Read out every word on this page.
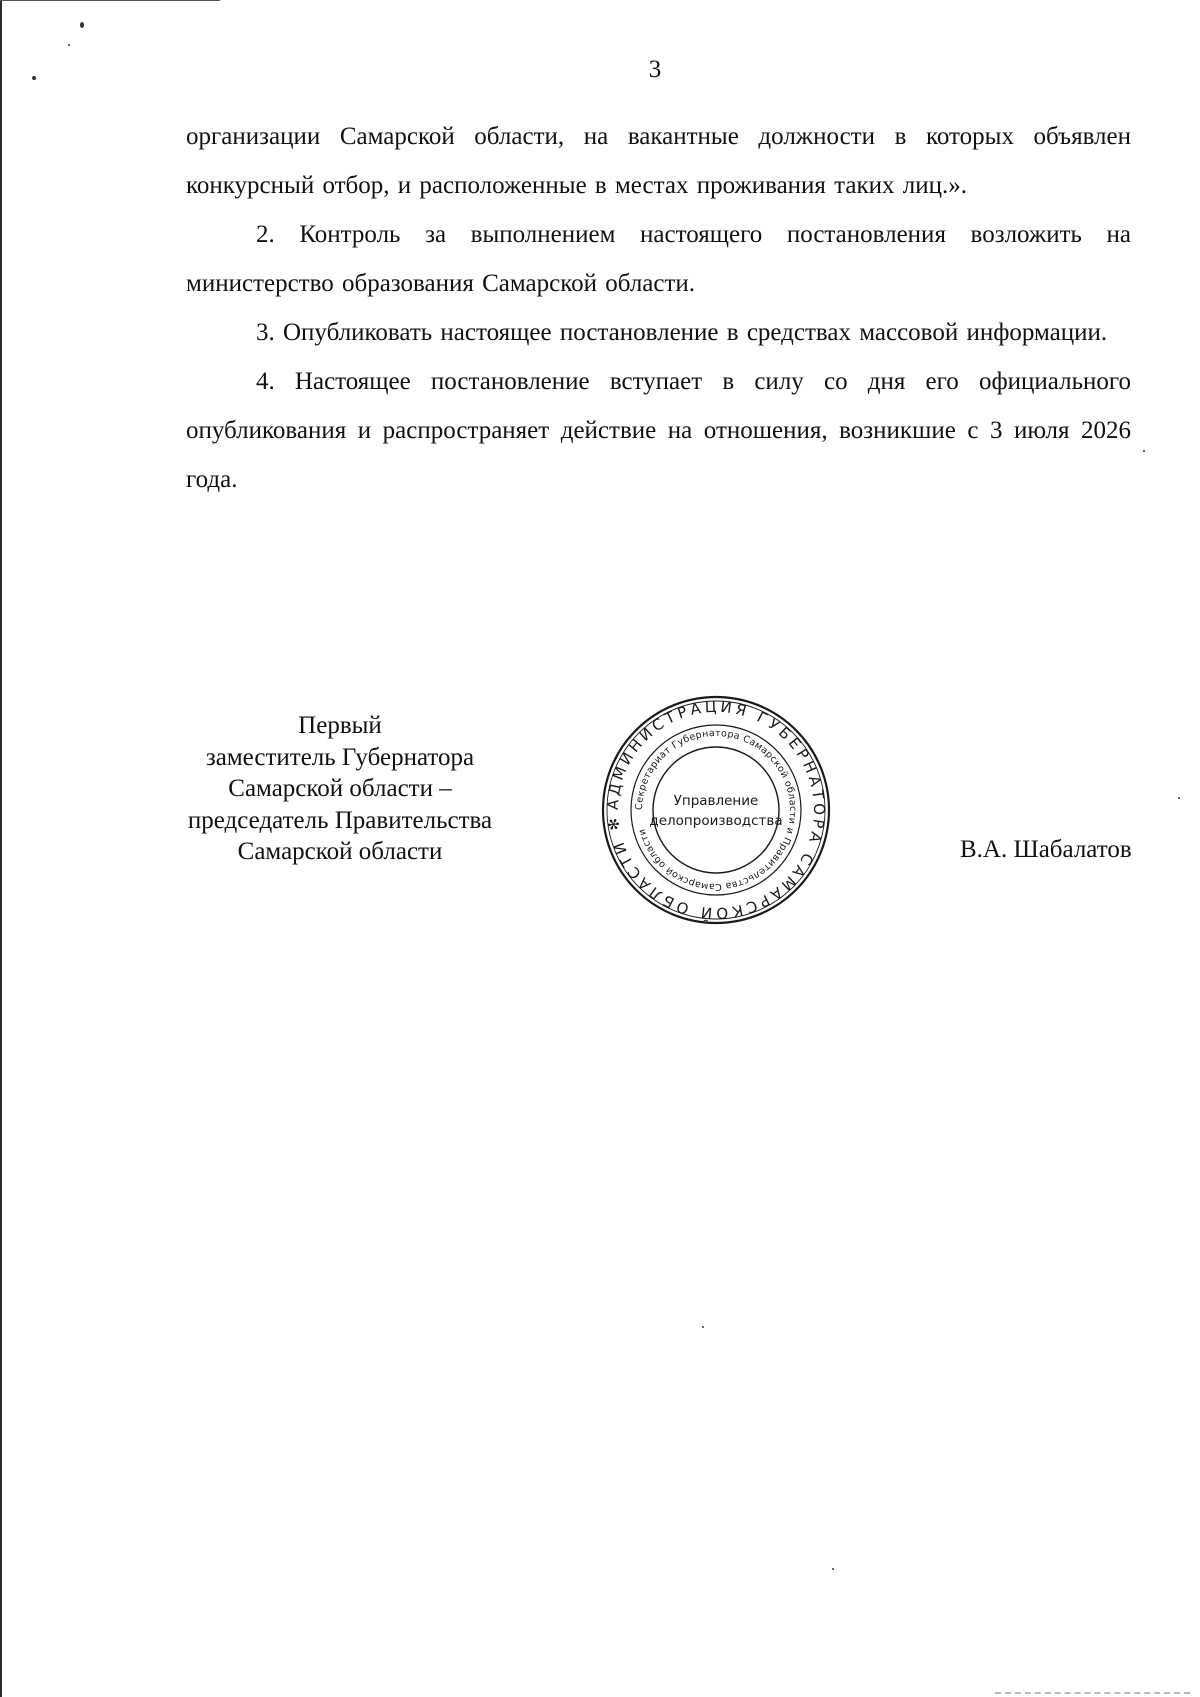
3

организации Самарской области, на вакантные должности в которых объявлен конкурсный отбор, и расположенные в местах проживания таких лиц.».

2. Контроль за выполнением настоящего постановления возложить на министерство образования Самарской области.

3. Опубликовать настоящее постановление в средствах массовой информации.

4. Настоящее постановление вступает в силу со дня его официального опубликования и распространяет действие на отношения, возникшие с 3 июля 2026 года.

Первый
заместитель Губернатора
Самарской области –
председатель Правительства
Самарской области
АДМИНИСТРАЦИЯ ГУБЕРНАТОРА САМАРСКОЙ ОБЛАСТИ ✻
Секретариат Губернатора Самарской области и Правительства Самарской области
Управление
делопроизводства
В.А. Шабалатов
